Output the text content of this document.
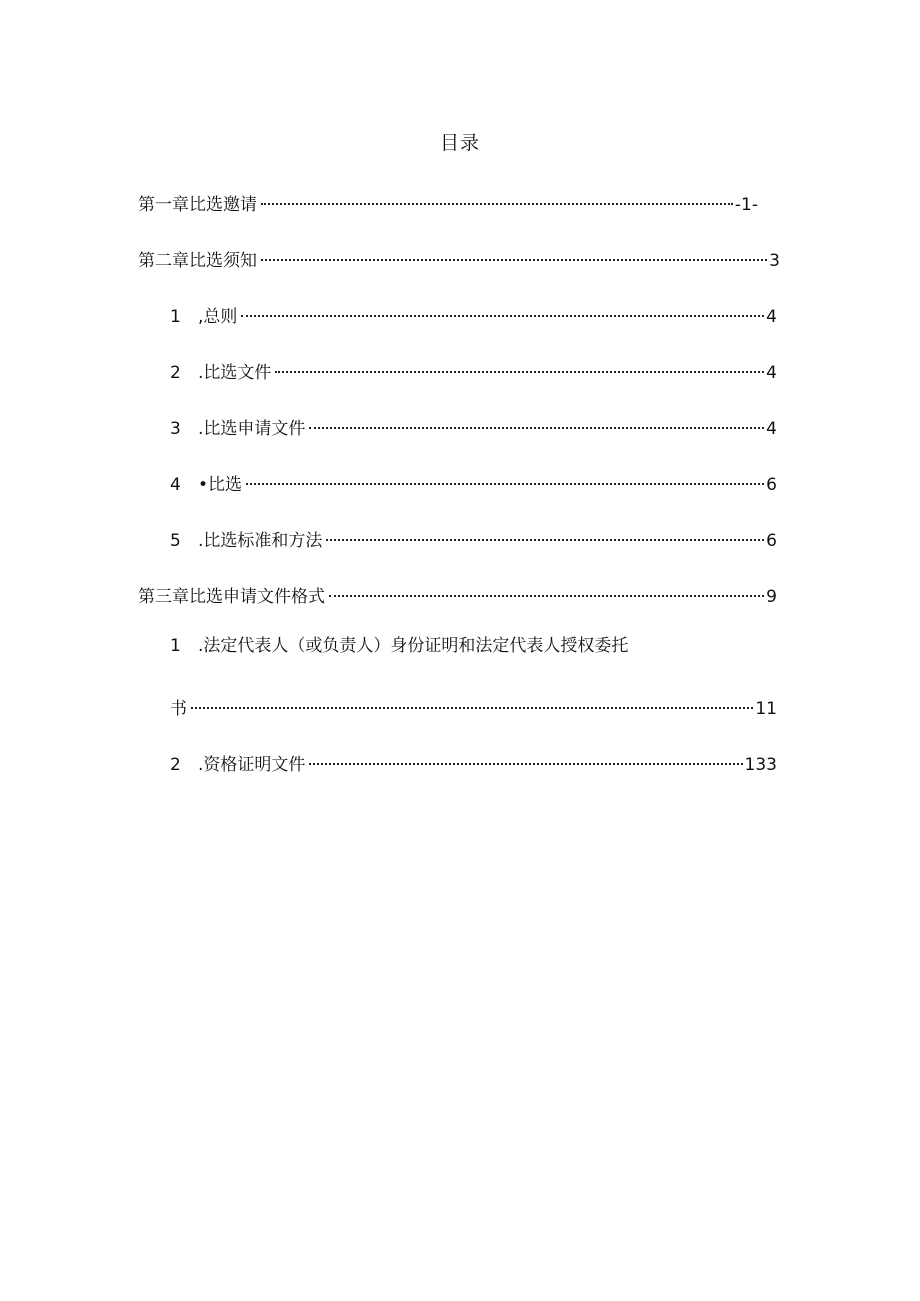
目录
第一章比选邀请	-1-
第二章比选须知	3
1	,总则	4
2	.比选文件	4
3	.比选申请文件	4
4	•比选	6
5	.比选标准和方法	6
第三章比选申请文件格式	9
1 .法定代表人（或负责人）身份证明和法定代表人授权委托
书	11
2	.资格证明文件	133
